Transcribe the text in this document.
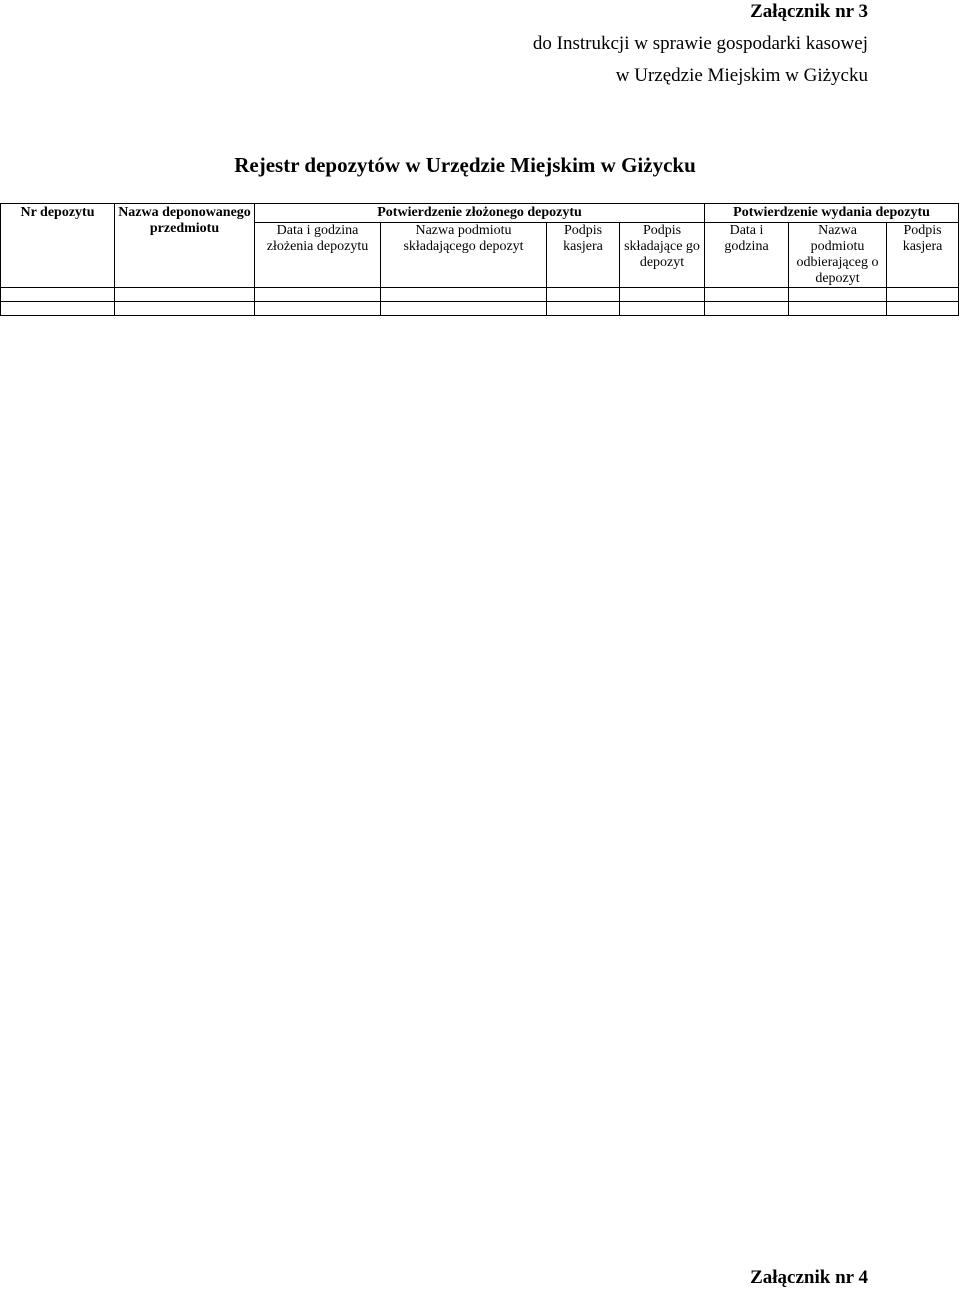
Załącznik nr 3
do Instrukcji w sprawie gospodarki kasowej
w Urzędzie Miejskim w Giżycku
Rejestr depozytów w Urzędzie Miejskim w Giżycku
Nr depozytu	Nazwa deponowanego przedmiotu	Potwierdzenie złożonego depozytu				Potwierdzenie wydania depozytu		
		Data i godzina złożenia depozytu	Nazwa podmiotu składającego depozyt	Podpis kasjera	Podpis składające go depozyt	Data i godzina	Nazwa podmiotu odbierająceg o depozyt	Podpis kasjera

Załącznik nr 4
